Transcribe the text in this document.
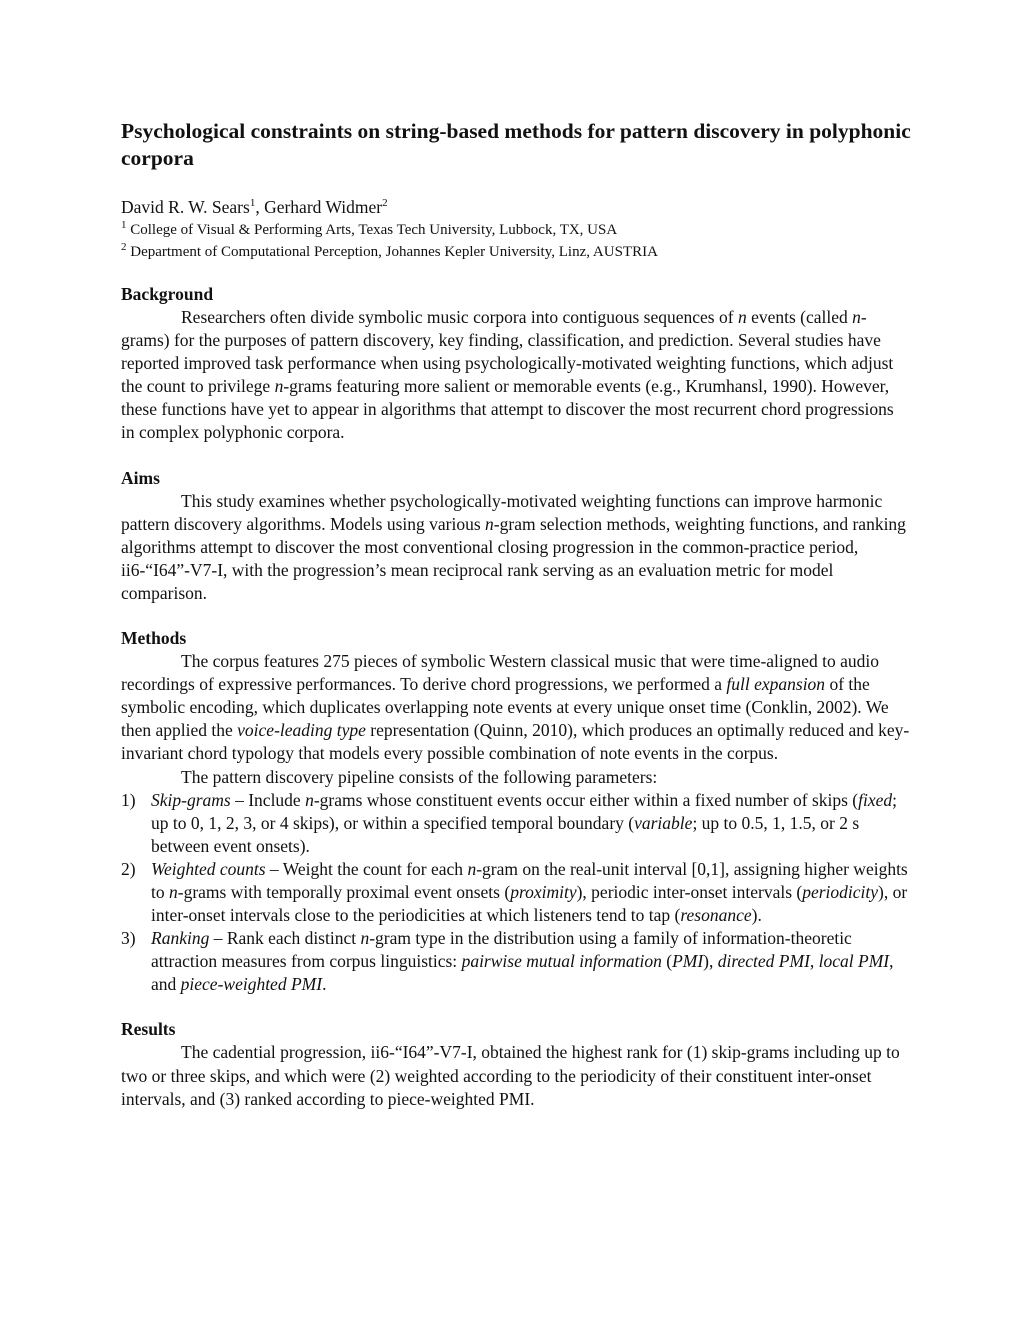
Psychological constraints on string-based methods for pattern discovery in polyphonic corpora

David R. W. Sears$^1$, Gerhard Widmer$^2$

$^1$ College of Visual & Performing Arts, Texas Tech University, Lubbock, TX, USA

$^2$ Department of Computational Perception, Johannes Kepler University, Linz, AUSTRIA

Background

Researchers often divide symbolic music corpora into contiguous sequences of n events (called n-grams) for the purposes of pattern discovery, key finding, classification, and prediction. Several studies have reported improved task performance when using psychologically-motivated weighting functions, which adjust the count to privilege n-grams featuring more salient or memorable events (e.g., Krumhansl, 1990). However, these functions have yet to appear in algorithms that attempt to discover the most recurrent chord progressions in complex polyphonic corpora.

Aims

This study examines whether psychologically-motivated weighting functions can improve harmonic pattern discovery algorithms. Models using various n-gram selection methods, weighting functions, and ranking algorithms attempt to discover the most conventional closing progression in the common-practice period, ii6-“I64”-V7-I, with the progression’s mean reciprocal rank serving as an evaluation metric for model comparison.

Methods

The corpus features 275 pieces of symbolic Western classical music that were time-aligned to audio recordings of expressive performances. To derive chord progressions, we performed a full expansion of the symbolic encoding, which duplicates overlapping note events at every unique onset time (Conklin, 2002). We then applied the voice-leading type representation (Quinn, 2010), which produces an optimally reduced and key-invariant chord typology that models every possible combination of note events in the corpus.

The pattern discovery pipeline consists of the following parameters:

1) Skip-grams – Include n-grams whose constituent events occur either within a fixed number of skips (fixed; up to 0, 1, 2, 3, or 4 skips), or within a specified temporal boundary (variable; up to 0.5, 1, 1.5, or 2 s between event onsets).
2) Weighted counts – Weight the count for each n-gram on the real-unit interval [0,1], assigning higher weights to n-grams with temporally proximal event onsets (proximity), periodic inter-onset intervals (periodicity), or inter-onset intervals close to the periodicities at which listeners tend to tap (resonance).
3) Ranking – Rank each distinct n-gram type in the distribution using a family of information-theoretic attraction measures from corpus linguistics: pairwise mutual information (PMI), directed PMI, local PMI, and piece-weighted PMI.
Results

The cadential progression, ii6-“I64”-V7-I, obtained the highest rank for (1) skip-grams including up to two or three skips, and which were (2) weighted according to the periodicity of their constituent inter-onset intervals, and (3) ranked according to piece-weighted PMI.
